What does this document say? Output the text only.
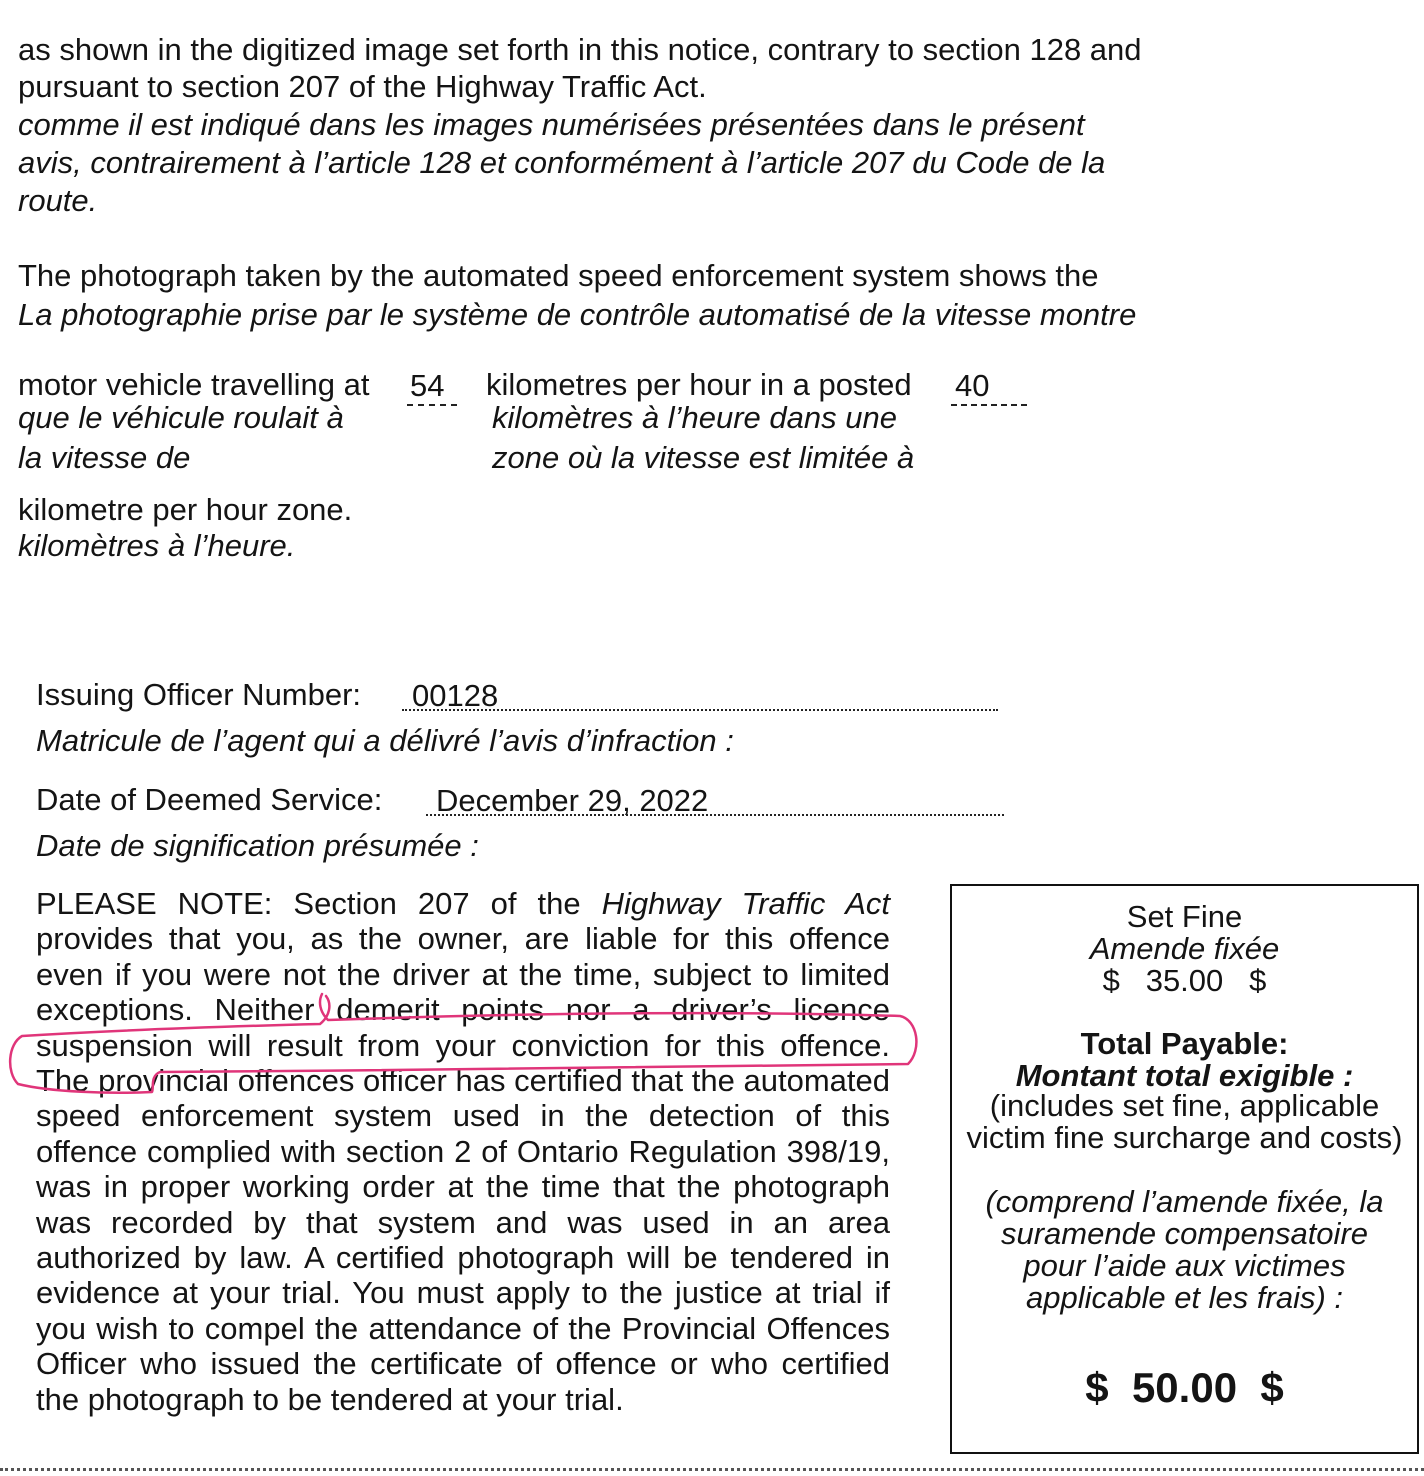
as shown in the digitized image set forth in this notice, contrary to section 128 and
pursuant to section 207 of the Highway Traffic Act.
comme il est indiqué dans les images numérisées présentées dans le présent
avis, contrairement à l’article 128 et conformément à l’article 207 du Code de la
route.
The photograph taken by the automated speed enforcement system shows the
La photographie prise par le système de contrôle automatisé de la vitesse montre
motor vehicle travelling at
que le véhicule roulait à
la vitesse de
54 kilometres per hour in a posted
kilomètres à l’heure dans une
zone où la vitesse est limitée à
40
kilometre per hour zone.
kilomètres à l’heure.
Issuing Officer Number: 00128
Matricule de l’agent qui a délivré l’avis d’infraction :
Date of Deemed Service: December 29, 2022
Date de signification présumée :
PLEASE NOTE: Section 207 of the Highway Traffic Act provides that you, as the owner, are liable for this offence even if you were not the driver at the time, subject to limited exceptions. Neither demerit points nor a driver’s licence suspension will result from your conviction for this offence. The provincial offences officer has certified that the automated speed enforcement system used in the detection of this offence complied with section 2 of Ontario Regulation 398/19, was in proper working order at the time that the photograph was recorded by that system and was used in an area authorized by law. A certified photograph will be tendered in evidence at your trial. You must apply to the justice at trial if you wish to compel the attendance of the Provincial Offences Officer who issued the certificate of offence or who certified the photograph to be tendered at your trial.
Set Fine
Amende fixée
$   35.00   $
Total Payable:
Montant total exigible :
(includes set fine, applicable victim fine surcharge and costs)
(comprend l’amende fixée, la suramende compensatoire pour l’aide aux victimes applicable et les frais) :
$  50.00  $
